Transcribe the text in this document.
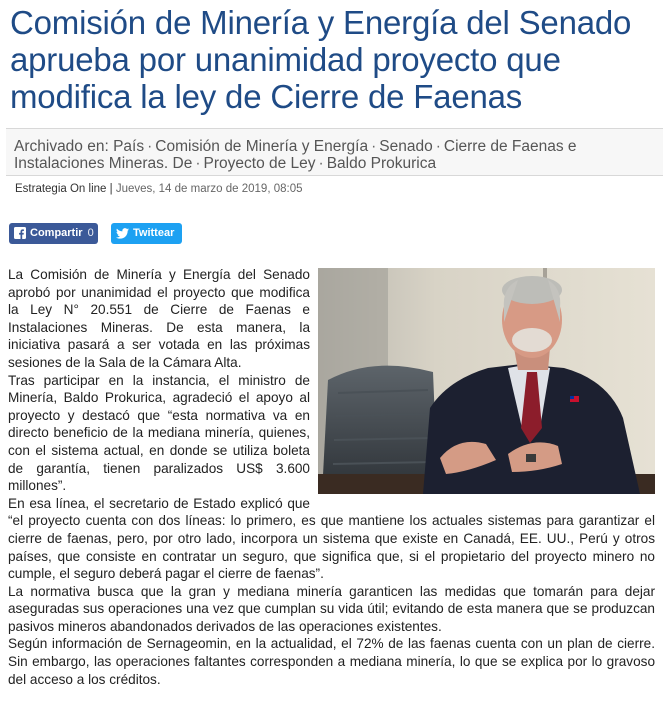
Comisión de Minería y Energía del Senado aprueba por unanimidad proyecto que modifica la ley de Cierre de Faenas
Archivado en: País · Comisión de Minería y Energía · Senado · Cierre de Faenas e Instalaciones Mineras. De · Proyecto de Ley · Baldo Prokurica
Estrategia On line | Jueves, 14 de marzo de 2019, 08:05
Compartir 0	Twittear

La Comisión de Minería y Energía del Senado aprobó por unanimidad el proyecto que modifica la Ley N° 20.551 de Cierre de Faenas e Instalaciones Mineras. De esta manera, la iniciativa pasará a ser votada en las próximas sesiones de la Sala de la Cámara Alta.

Tras participar en la instancia, el ministro de Minería, Baldo Prokurica, agradeció el apoyo al proyecto y destacó que “esta normativa va en directo beneficio de la mediana minería, quienes, con el sistema actual, en donde se utiliza boleta de garantía, tienen paralizados US$ 3.600 millones”.

En esa línea, el secretario de Estado explicó que “el proyecto cuenta con dos líneas: lo primero, es que mantiene los actuales sistemas para garantizar el cierre de faenas, pero, por otro lado, incorpora un sistema que existe en Canadá, EE. UU., Perú y otros países, que consiste en contratar un seguro, que significa que, si el propietario del proyecto minero no cumple, el seguro deberá pagar el cierre de faenas”.

La normativa busca que la gran y mediana minería garanticen las medidas que tomarán para dejar aseguradas sus operaciones una vez que cumplan su vida útil; evitando de esta manera que se produzcan pasivos mineros abandonados derivados de las operaciones existentes.

Según información de Sernageomin, en la actualidad, el 72% de las faenas cuenta con un plan de cierre. Sin embargo, las operaciones faltantes corresponden a mediana minería, lo que se explica por lo gravoso del acceso a los créditos.
